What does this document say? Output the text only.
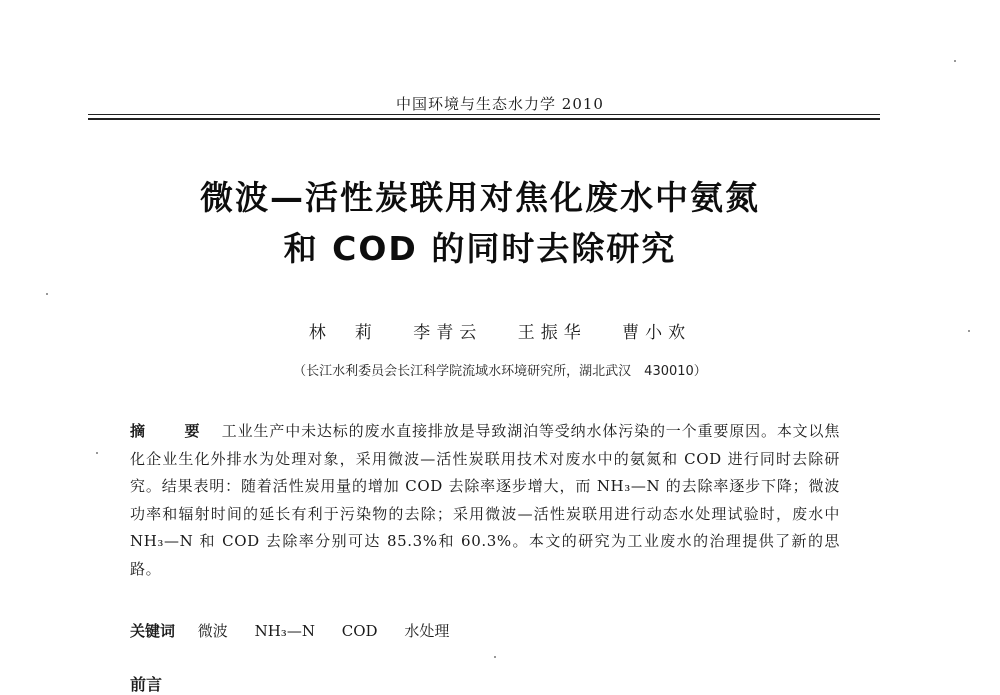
中国环境与生态水力学 2010
微波—活性炭联用对焦化废水中氨氮
和 COD 的同时去除研究
林　莉 李青云 王振华 曹小欢
（长江水利委员会长江科学院流域水环境研究所，湖北武汉　430010）
摘　要 工业生产中未达标的废水直接排放是导致湖泊等受纳水体污染的一个重要原因。本文以焦化企业生化外排水为处理对象，采用微波—活性炭联用技术对废水中的氨氮和 COD 进行同时去除研究。结果表明：随着活性炭用量的增加 COD 去除率逐步增大，而 NH₃—N 的去除率逐步下降；微波功率和辐射时间的延长有利于污染物的去除；采用微波—活性炭联用进行动态水处理试验时，废水中 NH₃—N 和 COD 去除率分别可达 85.3%和 60.3%。本文的研究为工业废水的治理提供了新的思路。
关键词 微波 NH₃—N COD 水处理
前言
